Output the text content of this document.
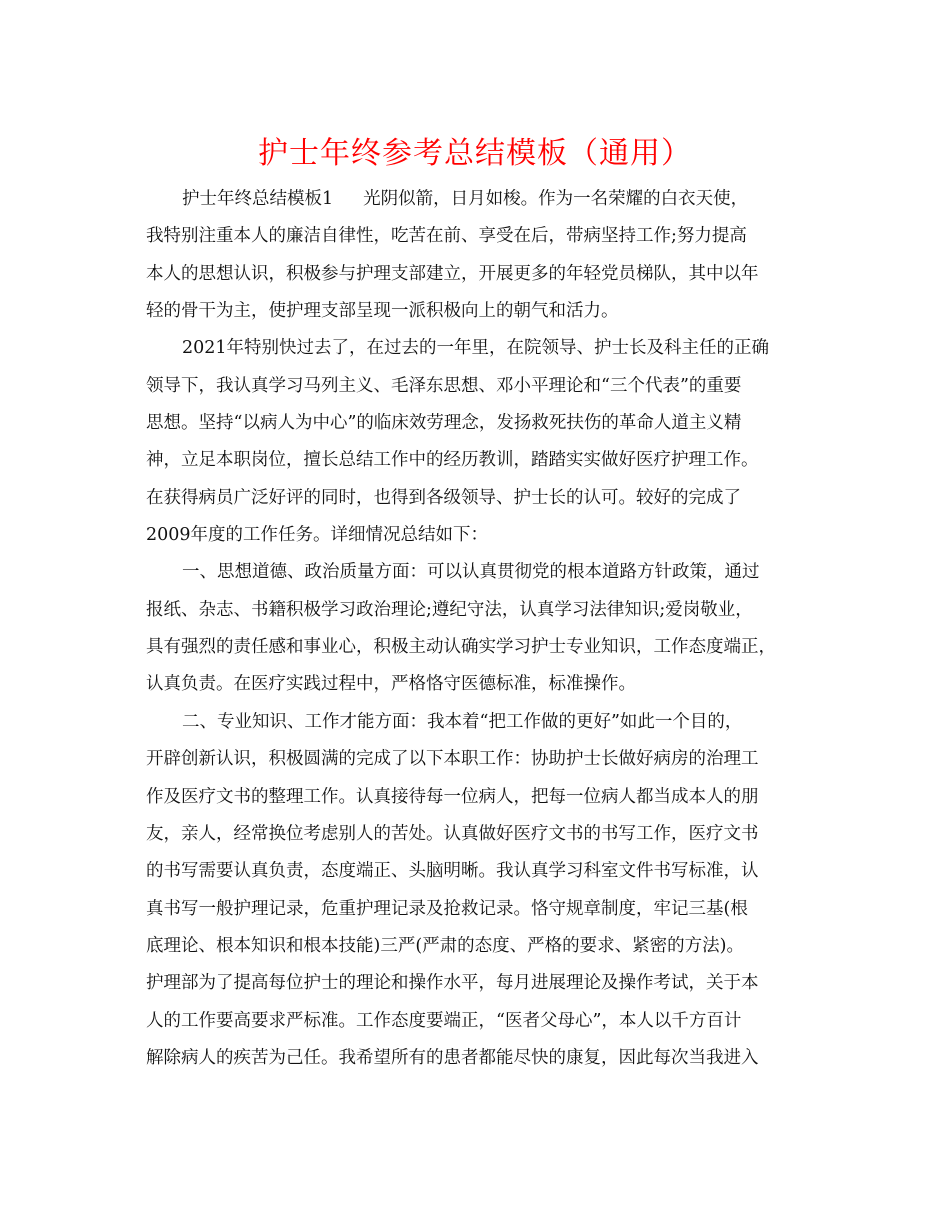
护士年终参考总结模板（通用）
护士年终总结模板1 光阴似箭，日月如梭。作为一名荣耀的白衣天使，
我特别注重本人的廉洁自律性，吃苦在前、享受在后，带病坚持工作;努力提高
本人的思想认识，积极参与护理支部建立，开展更多的年轻党员梯队，其中以年
轻的骨干为主，使护理支部呈现一派积极向上的朝气和活力。
2021年特别快过去了，在过去的一年里，在院领导、护士长及科主任的正确
领导下，我认真学习马列主义、毛泽东思想、邓小平理论和“三个代表”的重要
思想。坚持“以病人为中心”的临床效劳理念，发扬救死扶伤的革命人道主义精
神，立足本职岗位，擅长总结工作中的经历教训，踏踏实实做好医疗护理工作。
在获得病员广泛好评的同时，也得到各级领导、护士长的认可。较好的完成了
2009年度的工作任务。详细情况总结如下：
一、思想道德、政治质量方面：可以认真贯彻党的根本道路方针政策，通过
报纸、杂志、书籍积极学习政治理论;遵纪守法，认真学习法律知识;爱岗敬业，
具有强烈的责任感和事业心，积极主动认确实学习护士专业知识，工作态度端正，
认真负责。在医疗实践过程中，严格恪守医德标准，标准操作。
二、专业知识、工作才能方面：我本着“把工作做的更好”如此一个目的，
开辟创新认识，积极圆满的完成了以下本职工作：协助护士长做好病房的治理工
作及医疗文书的整理工作。认真接待每一位病人，把每一位病人都当成本人的朋
友，亲人，经常换位考虑别人的苦处。认真做好医疗文书的书写工作，医疗文书
的书写需要认真负责，态度端正、头脑明晰。我认真学习科室文件书写标准，认
真书写一般护理记录，危重护理记录及抢救记录。恪守规章制度，牢记三基(根
底理论、根本知识和根本技能)三严(严肃的态度、严格的要求、紧密的方法)。
护理部为了提高每位护士的理论和操作水平，每月进展理论及操作考试，关于本
人的工作要高要求严标准。工作态度要端正，“医者父母心”，本人以千方百计
解除病人的疾苦为己任。我希望所有的患者都能尽快的康复，因此每次当我进入
